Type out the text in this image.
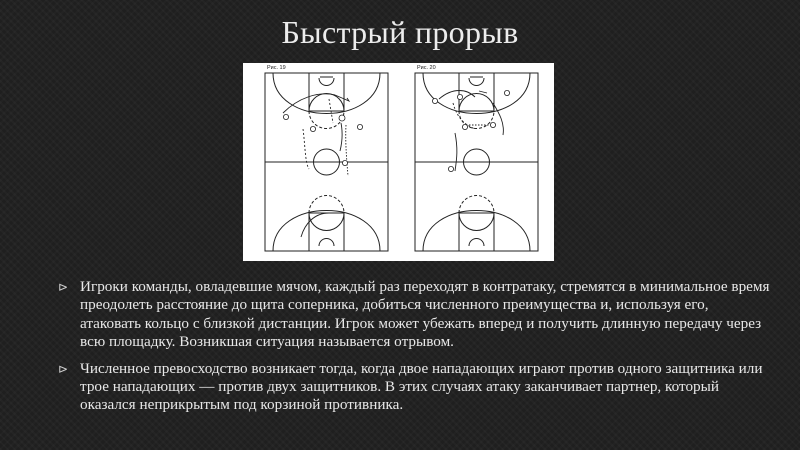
Быстрый прорыв
Рис. 19	Рис. 20
⊳ Игроки команды, овладевшие мячом, каждый раз переходят в контратаку, стремятся в минимальное время преодолеть расстояние до щита соперника, добиться численного преимущества и, используя его, атаковать кольцо с близкой дистанции. Игрок может убежать вперед и получить длинную передачу через всю площадку. Возникшая ситуация называется отрывом.
⊳ Численное превосходство возникает тогда, когда двое нападающих играют против одного защитника или трое нападающих — против двух защитников. В этих случаях атаку заканчивает партнер, который оказался неприкрытым под корзиной противника.
